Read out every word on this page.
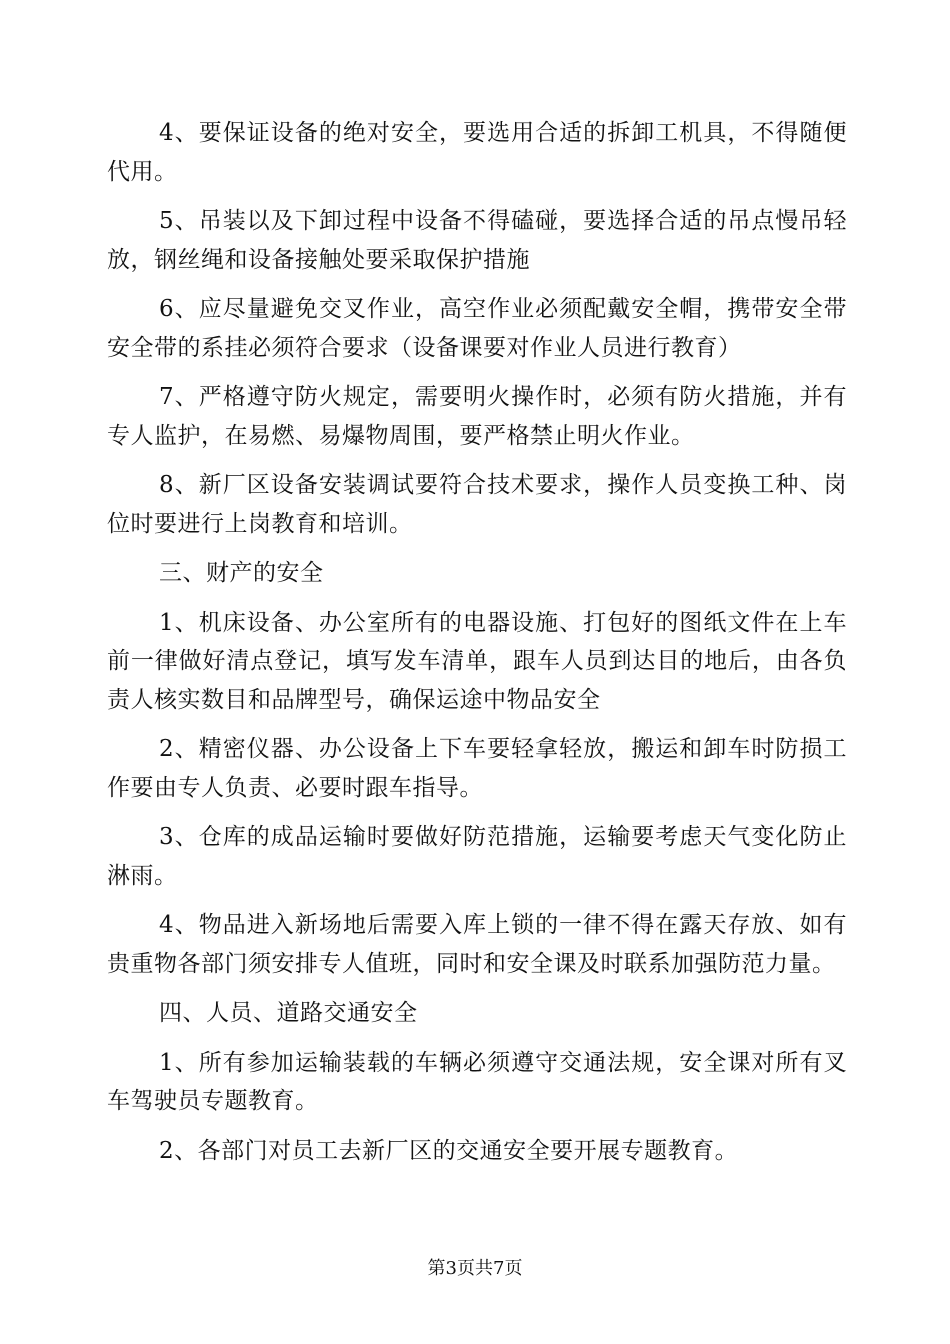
4、要保证设备的绝对安全，要选用合适的拆卸工机具，不得随便代用。

5、吊装以及下卸过程中设备不得磕碰，要选择合适的吊点慢吊轻放，钢丝绳和设备接触处要采取保护措施

6、应尽量避免交叉作业，高空作业必须配戴安全帽，携带安全带安全带的系挂必须符合要求（设备课要对作业人员进行教育）

7、严格遵守防火规定，需要明火操作时，必须有防火措施，并有专人监护，在易燃、易爆物周围，要严格禁止明火作业。

8、新厂区设备安装调试要符合技术要求，操作人员变换工种、岗位时要进行上岗教育和培训。

三、财产的安全

1、机床设备、办公室所有的电器设施、打包好的图纸文件在上车前一律做好清点登记，填写发车清单，跟车人员到达目的地后，由各负责人核实数目和品牌型号，确保运途中物品安全

2、精密仪器、办公设备上下车要轻拿轻放，搬运和卸车时防损工作要由专人负责、必要时跟车指导。

3、仓库的成品运输时要做好防范措施，运输要考虑天气变化防止淋雨。

4、物品进入新场地后需要入库上锁的一律不得在露天存放、如有贵重物各部门须安排专人值班，同时和安全课及时联系加强防范力量。

四、人员、道路交通安全

1、所有参加运输装载的车辆必须遵守交通法规，安全课对所有叉车驾驶员专题教育。

2、各部门对员工去新厂区的交通安全要开展专题教育。

第3页共7页
